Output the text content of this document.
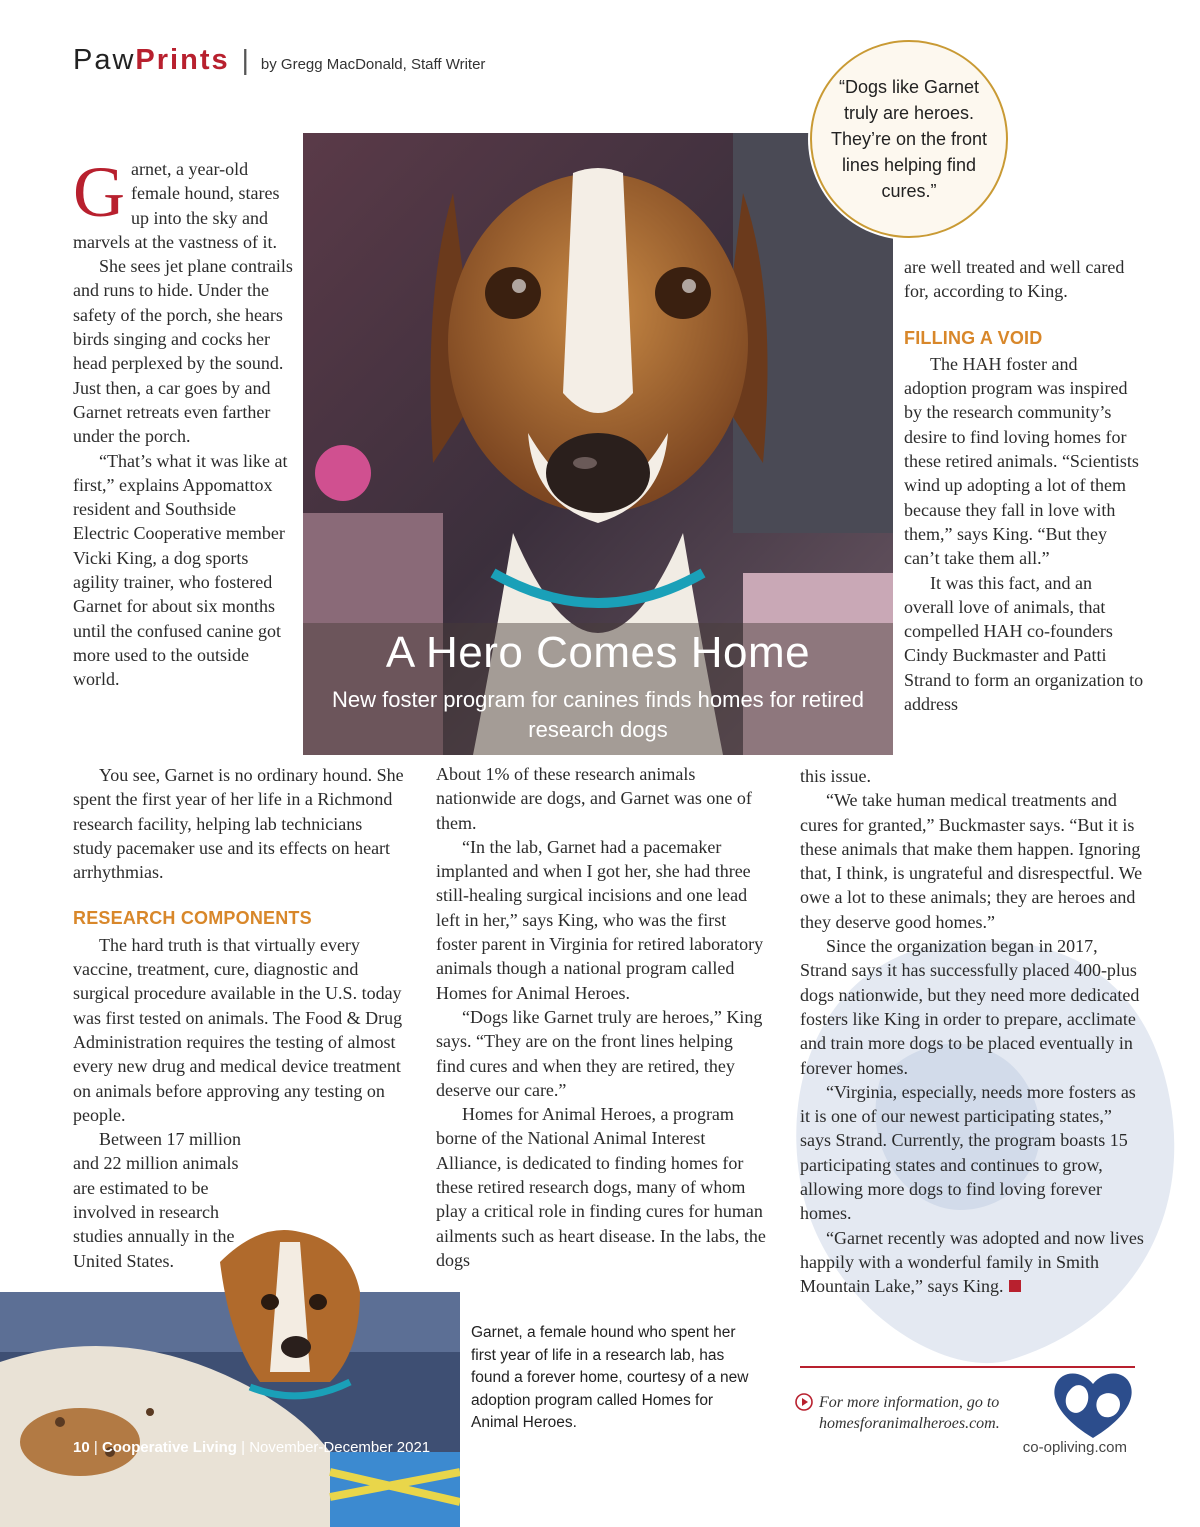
Paw Prints | by Gregg MacDonald, Staff Writer
A Hero Comes Home
New foster program for canines finds homes for retired research dogs
“Dogs like Garnet truly are heroes. They’re on the front lines helping find cures.”

Garnet, a year-old female hound, stares up into the sky and marvels at the vastness of it.

She sees jet plane contrails and runs to hide. Under the safety of the porch, she hears birds singing and cocks her head perplexed by the sound. Just then, a car goes by and Garnet retreats even farther under the porch.

“That’s what it was like at first,” explains Appomattox resident and Southside Electric Cooperative member Vicki King, a dog sports agility trainer, who fostered Garnet for about six months until the confused canine got more used to the outside world.

You see, Garnet is no ordinary hound. She spent the first year of her life in a Richmond research facility, helping lab technicians study pacemaker use and its effects on heart arrhythmias.

RESEARCH COMPONENTS

The hard truth is that virtually every vaccine, treatment, cure, diagnostic and surgical procedure available in the U.S. today was first tested on animals. The Food & Drug Administration requires the testing of almost every new drug and medical device treatment on animals before approving any testing on people.

Between 17 million and 22 million animals are estimated to be involved in research studies annually in the United States.

About 1% of these research animals nationwide are dogs, and Garnet was one of them.

“In the lab, Garnet had a pacemaker implanted and when I got her, she had three still-healing surgical incisions and one lead left in her,” says King, who was the first foster parent in Virginia for retired laboratory animals though a national program called Homes for Animal Heroes.

“Dogs like Garnet truly are heroes,” King says. “They are on the front lines helping find cures and when they are retired, they deserve our care.”

Homes for Animal Heroes, a program borne of the National Animal Interest Alliance, is dedicated to finding homes for these retired research dogs, many of whom play a critical role in finding cures for human ailments such as heart disease. In the labs, the dogs

are well treated and well cared for, according to King.

FILLING A VOID

The HAH foster and adoption program was inspired by the research community’s desire to find loving homes for these retired animals. “Scientists wind up adopting a lot of them because they fall in love with them,” says King. “But they can’t take them all.”

It was this fact, and an overall love of animals, that compelled HAH co-founders Cindy Buckmaster and Patti Strand to form an organization to address

this issue.

“We take human medical treatments and cures for granted,” Buckmaster says. “But it is these animals that make them happen. Ignoring that, I think, is ungrateful and disrespectful. We owe a lot to these animals; they are heroes and they deserve good homes.”

Since the organization began in 2017, Strand says it has successfully placed 400-plus dogs nationwide, but they need more dedicated fosters like King in order to prepare, acclimate and train more dogs to be placed eventually in forever homes.

“Virginia, especially, needs more fosters as it is one of our newest participating states,” says Strand. Currently, the program boasts 15 participating states and continues to grow, allowing more dogs to find loving forever homes.

“Garnet recently was adopted and now lives happily with a wonderful family in Smith Mountain Lake,” says King.

Garnet, a female hound who spent her first year of life in a research lab, has found a forever home, courtesy of a new adoption program called Homes for Animal Heroes.
For more information, go to
homesforanimalheroes.com.
10 | Cooperative Living | November-December 2021	co-opliving.com
